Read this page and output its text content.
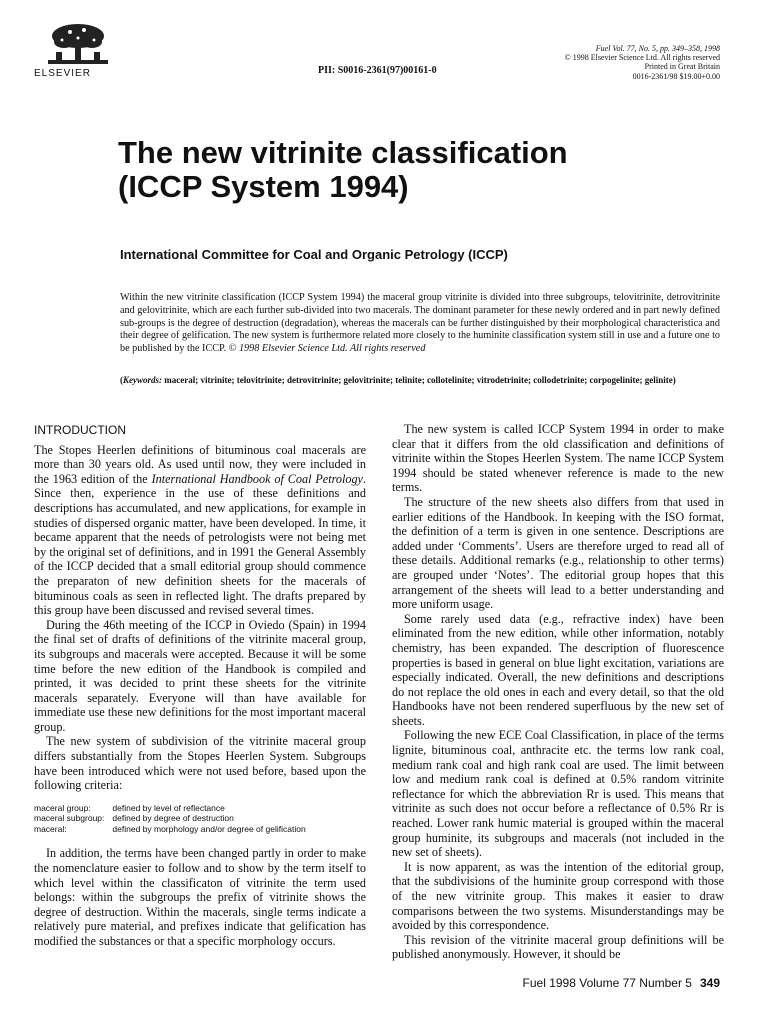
ELSEVIER	PII: S0016-2361(97)00161-0
Fuel Vol. 77, No. 5, pp. 349–358, 1998
© 1998 Elsevier Science Ltd. All rights reserved
Printed in Great Britain
0016-2361/98 $19.00+0.00
The new vitrinite classification
(ICCP System 1994)
International Committee for Coal and Organic Petrology (ICCP)
Within the new vitrinite classification (ICCP System 1994) the maceral group vitrinite is divided into three subgroups, telovitrinite, detrovitrinite and gelovitrinite, which are each further sub-divided into two macerals. The dominant parameter for these newly ordered and in part newly defined sub-groups is the degree of destruction (degradation), whereas the macerals can be further distinguished by their morphological characteristica and their degree of gelification. The new system is furthermore related more closely to the huminite classification system still in use and a future one to be published by the ICCP. © 1998 Elsevier Science Ltd. All rights reserved
(Keywords: maceral; vitrinite; telovitrinite; detrovitrinite; gelovitrinite; telinite; collotelinite; vitrodetrinite; collodetrinite; corpogelinite; gelinite)
INTRODUCTION

The Stopes Heerlen definitions of bituminous coal macerals are more than 30 years old. As used until now, they were included in the 1963 edition of the International Handbook of Coal Petrology. Since then, experience in the use of these definitions and descriptions has accumulated, and new applications, for example in studies of dispersed organic matter, have been developed. In time, it became apparent that the needs of petrologists were not being met by the original set of definitions, and in 1991 the General Assembly of the ICCP decided that a small editorial group should commence the preparaton of new definition sheets for the macerals of bituminous coals as seen in reflected light. The drafts prepared by this group have been discussed and revised several times.

During the 46th meeting of the ICCP in Oviedo (Spain) in 1994 the final set of drafts of definitions of the vitrinite maceral group, its subgroups and macerals were accepted. Because it will be some time before the new edition of the Handbook is compiled and printed, it was decided to print these sheets for the vitrinite macerals separately. Everyone will than have available for immediate use these new definitions for the most important maceral group.

The new system of subdivision of the vitrinite maceral group differs substantially from the Stopes Heerlen System. Subgroups have been introduced which were not used before, based upon the following criteria:

maceral group:	defined by level of reflectance
maceral subgroup:	defined by degree of destruction
maceral:	defined by morphology and/or degree of gelification

In addition, the terms have been changed partly in order to make the nomenclature easier to follow and to show by the term itself to which level within the classificaton of vitrinite the term used belongs: within the subgroups the prefix of vitrinite shows the degree of destruction. Within the macerals, single terms indicate a relatively pure material, and prefixes indicate that gelification has modified the substances or that a specific morphology occurs.

The new system is called ICCP System 1994 in order to make clear that it differs from the old classification and definitions of vitrinite within the Stopes Heerlen System. The name ICCP System 1994 should be stated whenever reference is made to the new terms.

The structure of the new sheets also differs from that used in earlier editions of the Handbook. In keeping with the ISO format, the definition of a term is given in one sentence. Descriptions are added under ‘Comments’. Users are therefore urged to read all of these details. Additional remarks (e.g., relationship to other terms) are grouped under ‘Notes’. The editorial group hopes that this arrangement of the sheets will lead to a better understanding and more uniform usage.

Some rarely used data (e.g., refractive index) have been eliminated from the new edition, while other information, notably chemistry, has been expanded. The description of fluorescence properties is based in general on blue light excitation, variations are especially indicated. Overall, the new definitions and descriptions do not replace the old ones in each and every detail, so that the old Handbooks have not been rendered superfluous by the new set of sheets.

Following the new ECE Coal Classification, in place of the terms lignite, bituminous coal, anthracite etc. the terms low rank coal, medium rank coal and high rank coal are used. The limit between low and medium rank coal is defined at 0.5% random vitrinite reflectance for which the abbreviation Rr is used. This means that vitrinite as such does not occur before a reflectance of 0.5% Rr is reached. Lower rank humic material is grouped within the maceral group huminite, its subgroups and macerals (not included in the new set of sheets).

It is now apparent, as was the intention of the editorial group, that the subdivisions of the huminite group correspond with those of the new vitrinite group. This makes it easier to draw comparisons between the two systems. Misunderstandings may be avoided by this correspondence.

This revision of the vitrinite maceral group definitions will be published anonymously. However, it should be

Fuel 1998 Volume 77 Number 5 349
